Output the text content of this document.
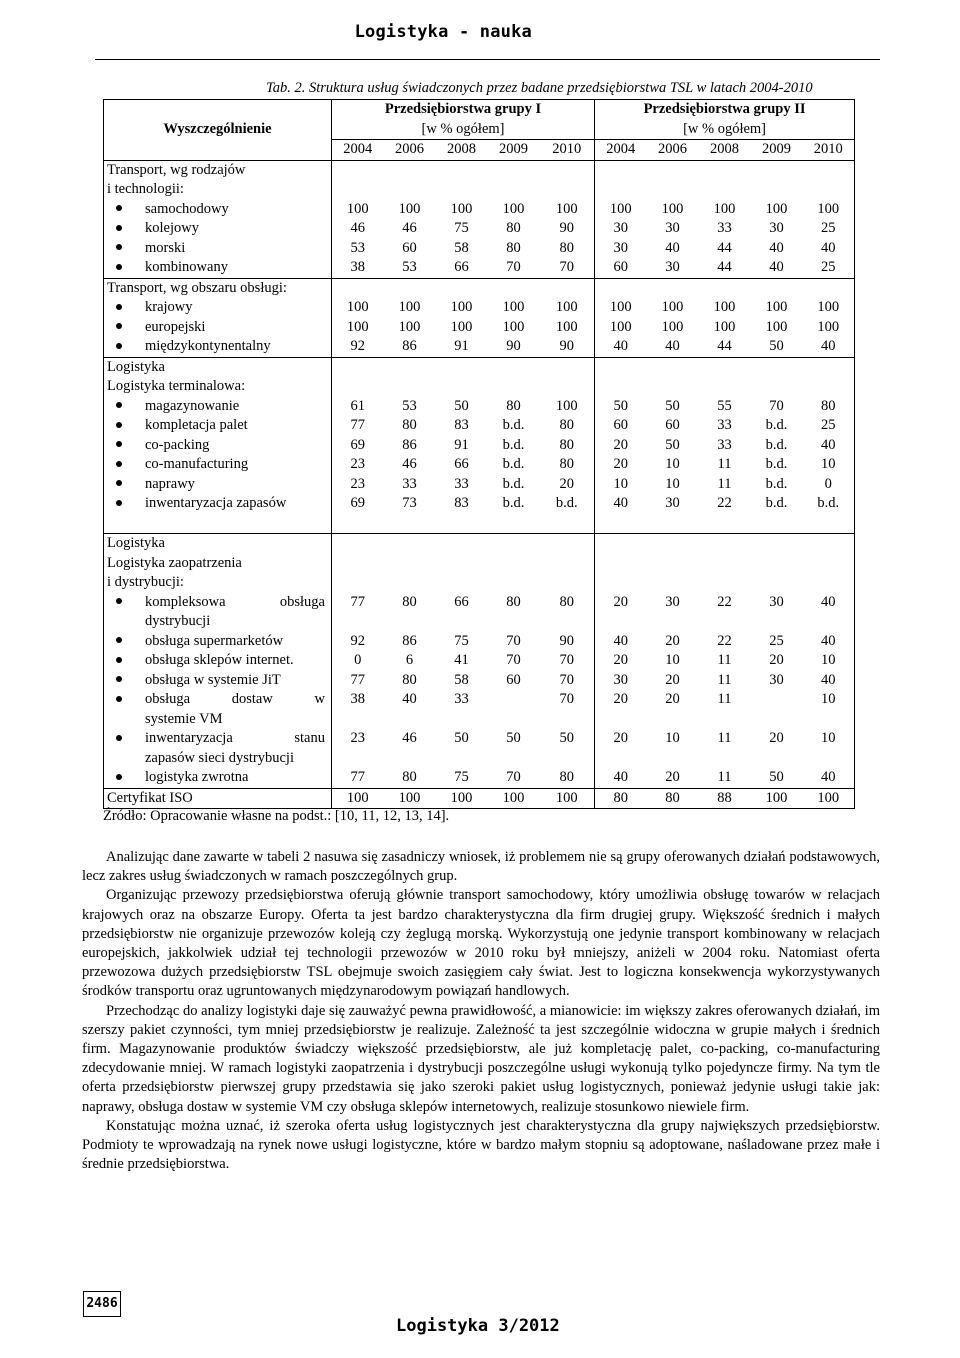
Logistyka - nauka
Tab. 2. Struktura usług świadczonych przez badane przedsiębiorstwa TSL w latach 2004-2010
Wyszczególnienie	Przedsiębiorstwa grupy I					Przedsiębiorstwa grupy II				
	[w % ogółem]					[w % ogółem]				
	2004	2006	2008	2009	2010	2004	2006	2008	2009	2010
Transport, wg rodzajów										
i technologii:										
samochodowy	100	100	100	100	100	100	100	100	100	100
kolejowy	46	46	75	80	90	30	30	33	30	25
morski	53	60	58	80	80	30	40	44	40	40
kombinowany	38	53	66	70	70	60	30	44	40	25
Transport, wg obszaru obsługi:										
krajowy	100	100	100	100	100	100	100	100	100	100
europejski	100	100	100	100	100	100	100	100	100	100
międzykontynentalny	92	86	91	90	90	40	40	44	50	40
Logistyka										
Logistyka terminalowa:										
magazynowanie	61	53	50	80	100	50	50	55	70	80
kompletacja palet	77	80	83	b.d.	80	60	60	33	b.d.	25
co-packing	69	86	91	b.d.	80	20	50	33	b.d.	40
co-manufacturing	23	46	66	b.d.	80	20	10	11	b.d.	10
naprawy	23	33	33	b.d.	20	10	10	11	b.d.	0
inwentaryzacja zapasów	69	73	83	b.d.	b.d.	40	30	22	b.d.	b.d.

Logistyka										
Logistyka zaopatrzenia										
i dystrybucji:										

kompleksowa obsługa
dystrybucji	77	80	66	80	80	20	30	22	30	40
obsługa supermarketów	92	86	75	70	90	40	20	22	25	40
obsługa sklepów internet.	0	6	41	70	70	20	10	11	20	10
obsługa w systemie JiT	77	80	58	60	70	30	20	11	30	40

obsługa dostaw w
systemie VM	38	40	33		70	20	20	11		10

inwentaryzacja stanu
zapasów sieci dystrybucji	23	46	50	50	50	20	10	11	20	10
logistyka zwrotna	77	80	75	70	80	40	20	11	50	40
Certyfikat ISO	100	100	100	100	100	80	80	88	100	100
Źródło: Opracowanie własne na podst.: [10, 11, 12, 13, 14].

Analizując dane zawarte w tabeli 2 nasuwa się zasadniczy wniosek, iż problemem nie są grupy oferowanych działań podstawowych, lecz zakres usług świadczonych w ramach poszczególnych grup.

Organizując przewozy przedsiębiorstwa oferują głównie transport samochodowy, który umożliwia obsługę towarów w relacjach krajowych oraz na obszarze Europy. Oferta ta jest bardzo charakterystyczna dla firm drugiej grupy. Większość średnich i małych przedsiębiorstw nie organizuje przewozów koleją czy żeglugą morską. Wykorzystują one jedynie transport kombinowany w relacjach europejskich, jakkolwiek udział tej technologii przewozów w 2010 roku był mniejszy, aniżeli w 2004 roku. Natomiast oferta przewozowa dużych przedsiębiorstw TSL obejmuje swoich zasięgiem cały świat. Jest to logiczna konsekwencja wykorzystywanych środków transportu oraz ugruntowanych międzynarodowym powiązań handlowych.

Przechodząc do analizy logistyki daje się zauważyć pewna prawidłowość, a mianowicie: im większy zakres oferowanych działań, im szerszy pakiet czynności, tym mniej przedsiębiorstw je realizuje. Zależność ta jest szczególnie widoczna w grupie małych i średnich firm. Magazynowanie produktów świadczy większość przedsiębiorstw, ale już kompletację palet, co-packing, co-manufacturing zdecydowanie mniej. W ramach logistyki zaopatrzenia i dystrybucji poszczególne usługi wykonują tylko pojedyncze firmy. Na tym tle oferta przedsiębiorstw pierwszej grupy przedstawia się jako szeroki pakiet usług logistycznych, ponieważ jedynie usługi takie jak: naprawy, obsługa dostaw w systemie VM czy obsługa sklepów internetowych, realizuje stosunkowo niewiele firm.

Konstatując można uznać, iż szeroka oferta usług logistycznych jest charakterystyczna dla grupy największych przedsiębiorstw. Podmioty te wprowadzają na rynek nowe usługi logistyczne, które w bardzo małym stopniu są adoptowane, naśladowane przez małe i średnie przedsiębiorstwa.

2486
Logistyka 3/2012
